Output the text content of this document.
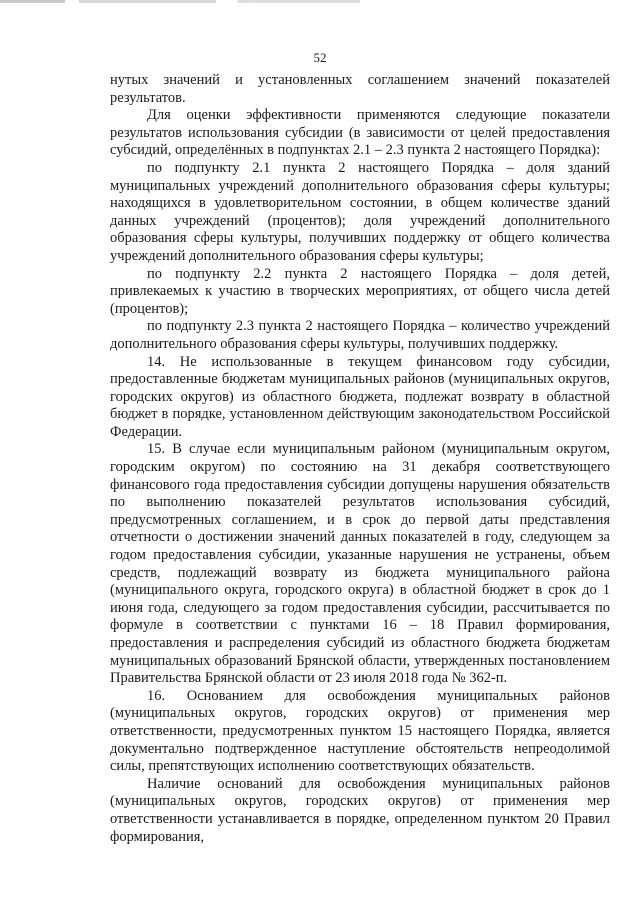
52

нутых значений и установленных соглашением значений показателей результатов.

Для оценки эффективности применяются следующие показатели результатов использования субсидии (в зависимости от целей предоставления субсидий, определённых в подпунктах 2.1 – 2.3 пункта 2 настоящего Порядка):

по подпункту 2.1 пункта 2 настоящего Порядка – доля зданий муниципальных учреждений дополнительного образования сферы культуры; находящихся в удовлетворительном состоянии, в общем количестве зданий данных учреждений (процентов); доля учреждений дополнительного образования сферы культуры, получивших поддержку от общего количества учреждений дополнительного образования сферы культуры;

по подпункту 2.2 пункта 2 настоящего Порядка – доля детей, привлекаемых к участию в творческих мероприятиях, от общего числа детей (процентов);

по подпункту 2.3 пункта 2 настоящего Порядка – количество учреждений дополнительного образования сферы культуры, получивших поддержку.

14. Не использованные в текущем финансовом году субсидии, предоставленные бюджетам муниципальных районов (муниципальных округов, городских округов) из областного бюджета, подлежат возврату в областной бюджет в порядке, установленном действующим законодательством Российской Федерации.

15. В случае если муниципальным районом (муниципальным округом, городским округом) по состоянию на 31 декабря соответствующего финансового года предоставления субсидии допущены нарушения обязательств по выполнению показателей результатов использования субсидий, предусмотренных соглашением, и в срок до первой даты представления отчетности о достижении значений данных показателей в году, следующем за годом предоставления субсидии, указанные нарушения не устранены, объем средств, подлежащий возврату из бюджета муниципального района (муниципального округа, городского округа) в областной бюджет в срок до 1 июня года, следующего за годом предоставления субсидии, рассчитывается по формуле в соответствии с пунктами 16 – 18 Правил формирования, предоставления и распределения субсидий из областного бюджета бюджетам муниципальных образований Брянской области, утвержденных постановлением Правительства Брянской области от 23 июля 2018 года № 362-п.

16. Основанием для освобождения муниципальных районов (муниципальных округов, городских округов) от применения мер ответственности, предусмотренных пунктом 15 настоящего Порядка, является документально подтвержденное наступление обстоятельств непреодолимой силы, препятствующих исполнению соответствующих обязательств.

Наличие оснований для освобождения муниципальных районов (муниципальных округов, городских округов) от применения мер ответственности устанавливается в порядке, определенном пунктом 20 Правил формирования,
